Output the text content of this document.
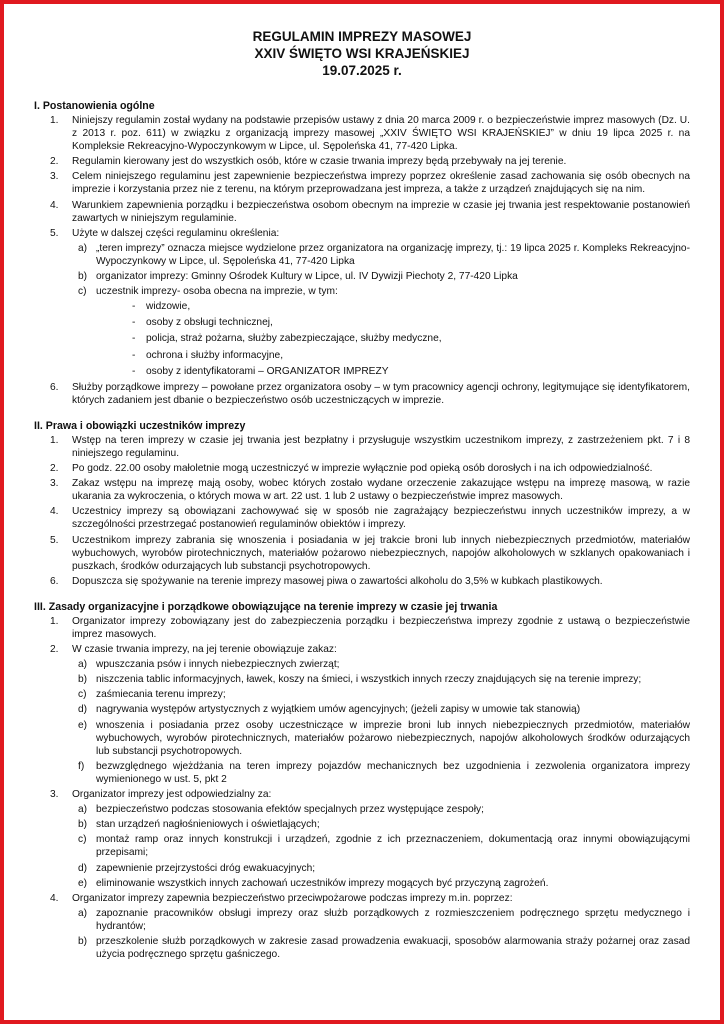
REGULAMIN IMPREZY MASOWEJ

XXIV ŚWIĘTO WSI KRAJEŃSKIEJ

19.07.2025 r.

I. Postanowienia ogólne

1. Niniejszy regulamin został wydany na podstawie przepisów ustawy z dnia 20 marca 2009 r. o bezpieczeństwie imprez masowych (Dz. U. z 2013 r. poz. 611) w związku z organizacją imprezy masowej „XXIV ŚWIĘTO WSI KRAJEŃSKIEJ” w dniu 19 lipca 2025 r. na Kompleksie Rekreacyjno-Wypoczynkowym w Lipce, ul. Sępoleńska 41, 77-420 Lipka.
2. Regulamin kierowany jest do wszystkich osób, które w czasie trwania imprezy będą przebywały na jej terenie.
3. Celem niniejszego regulaminu jest zapewnienie bezpieczeństwa imprezy poprzez określenie zasad zachowania się osób obecnych na imprezie i korzystania przez nie z terenu, na którym przeprowadzana jest impreza, a także z urządzeń znajdujących się na nim.
4. Warunkiem zapewnienia porządku i bezpieczeństwa osobom obecnym na imprezie w czasie jej trwania jest respektowanie postanowień zawartych w niniejszym regulaminie.
5. Użyte w dalszej części regulaminu określenia:
a) „teren imprezy” oznacza miejsce wydzielone przez organizatora na organizację imprezy, tj.: 19 lipca 2025 r. Kompleks Rekreacyjno-Wypoczynkowy w Lipce, ul. Sępoleńska 41, 77-420 Lipka
b) organizator imprezy: Gminny Ośrodek Kultury w Lipce, ul. IV Dywizji Piechoty 2, 77-420 Lipka
c) uczestnik imprezy- osoba obecna na imprezie, w tym:
- widzowie,
- osoby z obsługi technicznej,
- policja, straż pożarna, służby zabezpieczające, służby medyczne,
- ochrona i służby informacyjne,
- osoby z identyfikatorami – ORGANIZATOR IMPREZY
6. Służby porządkowe imprezy – powołane przez organizatora osoby – w tym pracownicy agencji ochrony, legitymujące się identyfikatorem, których zadaniem jest dbanie o bezpieczeństwo osób uczestniczących w imprezie.

II. Prawa i obowiązki uczestników imprezy

1. Wstęp na teren imprezy w czasie jej trwania jest bezpłatny i przysługuje wszystkim uczestnikom imprezy, z zastrzeżeniem pkt. 7 i 8 niniejszego regulaminu.
2. Po godz. 22.00 osoby małoletnie mogą uczestniczyć w imprezie wyłącznie pod opieką osób dorosłych i na ich odpowiedzialność.
3. Zakaz wstępu na imprezę mają osoby, wobec których zostało wydane orzeczenie zakazujące wstępu na imprezę masową, w razie ukarania za wykroczenia, o których mowa w art. 22 ust. 1 lub 2 ustawy o bezpieczeństwie imprez masowych.
4. Uczestnicy imprezy są obowiązani zachowywać się w sposób nie zagrażający bezpieczeństwu innych uczestników imprezy, a w szczególności przestrzegać postanowień regulaminów obiektów i imprezy.
5. Uczestnikom imprezy zabrania się wnoszenia i posiadania w jej trakcie broni lub innych niebezpiecznych przedmiotów, materiałów wybuchowych, wyrobów pirotechnicznych, materiałów pożarowo niebezpiecznych, napojów alkoholowych w szklanych opakowaniach i puszkach, środków odurzających lub substancji psychotropowych.
6. Dopuszcza się spożywanie na terenie imprezy masowej piwa o zawartości alkoholu do 3,5% w kubkach plastikowych.

III. Zasady organizacyjne i porządkowe obowiązujące na terenie imprezy w czasie jej trwania

1. Organizator imprezy zobowiązany jest do zabezpieczenia porządku i bezpieczeństwa imprezy zgodnie z ustawą o bezpieczeństwie imprez masowych.
2. W czasie trwania imprezy, na jej terenie obowiązuje zakaz:
a) wpuszczania psów i innych niebezpiecznych zwierząt;
b) niszczenia tablic informacyjnych, ławek, koszy na śmieci, i wszystkich innych rzeczy znajdujących się na terenie imprezy;
c) zaśmiecania terenu imprezy;
d) nagrywania występów artystycznych z wyjątkiem umów agencyjnych; (jeżeli zapisy w umowie tak stanowią)
e) wnoszenia i posiadania przez osoby uczestniczące w imprezie broni lub innych niebezpiecznych przedmiotów, materiałów wybuchowych, wyrobów pirotechnicznych, materiałów pożarowo niebezpiecznych, napojów alkoholowych środków odurzających lub substancji psychotropowych.
f) bezwzględnego wjeżdżania na teren imprezy pojazdów mechanicznych bez uzgodnienia i zezwolenia organizatora imprezy wymienionego w ust. 5, pkt 2
3. Organizator imprezy jest odpowiedzialny za:
a) bezpieczeństwo podczas stosowania efektów specjalnych przez występujące zespoły;
b) stan urządzeń nagłośnieniowych i oświetlających;
c) montaż ramp oraz innych konstrukcji i urządzeń, zgodnie z ich przeznaczeniem, dokumentacją oraz innymi obowiązującymi przepisami;
d) zapewnienie przejrzystości dróg ewakuacyjnych;
e) eliminowanie wszystkich innych zachowań uczestników imprezy mogących być przyczyną zagrożeń.
4. Organizator imprezy zapewnia bezpieczeństwo przeciwpożarowe podczas imprezy m.in. poprzez:
a) zapoznanie pracowników obsługi imprezy oraz służb porządkowych z rozmieszczeniem podręcznego sprzętu medycznego i hydrantów;
b) przeszkolenie służb porządkowych w zakresie zasad prowadzenia ewakuacji, sposobów alarmowania straży pożarnej oraz zasad użycia podręcznego sprzętu gaśniczego.
